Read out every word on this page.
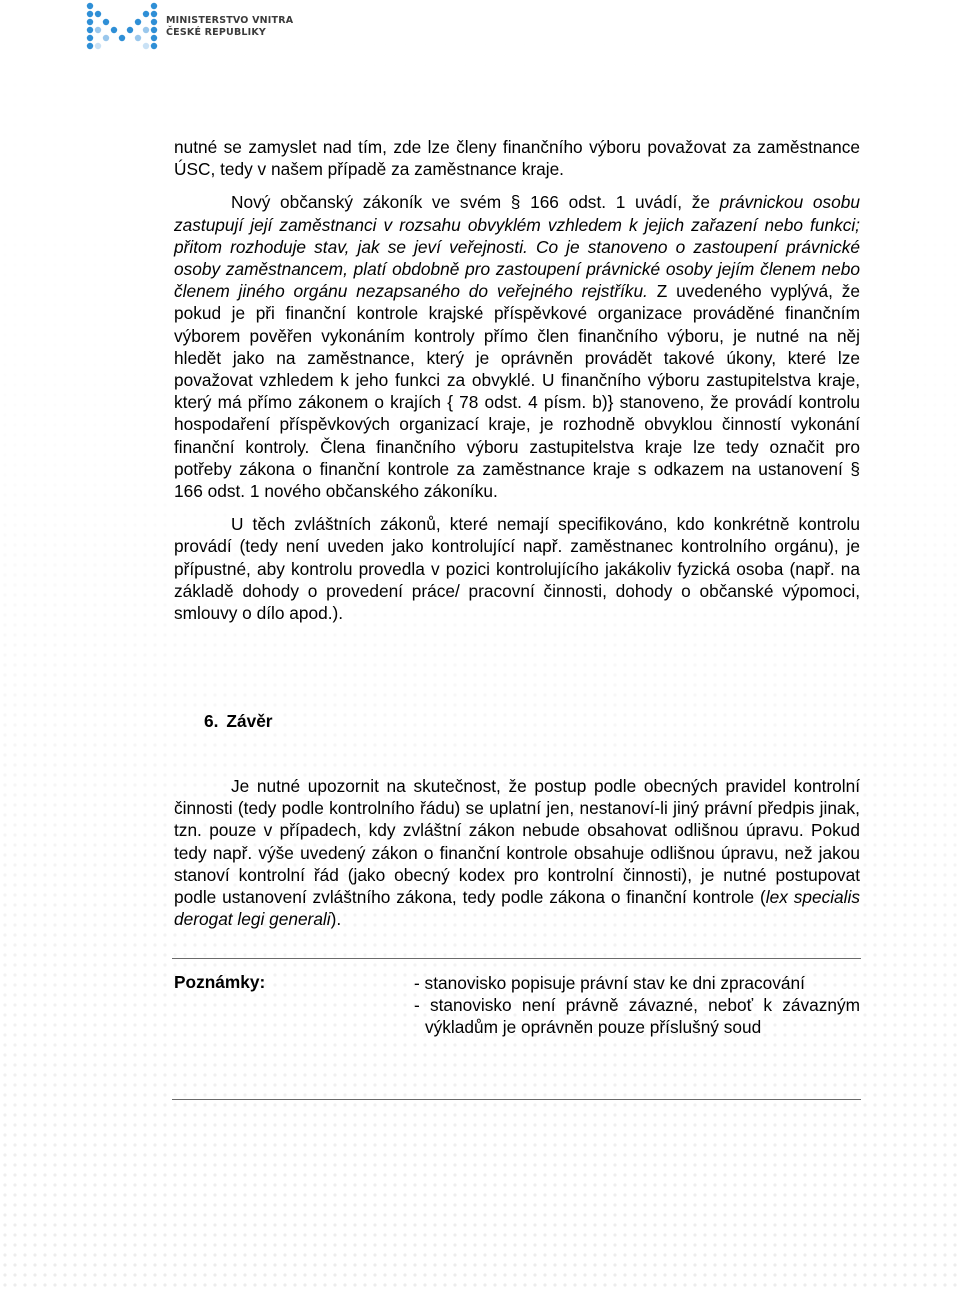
MINISTERSTVO VNITRA
ČESKÉ REPUBLIKY

nutné se zamyslet nad tím, zde lze členy finančního výboru považovat za zaměstnance ÚSC, tedy v našem případě za zaměstnance kraje.

Nový občanský zákoník ve svém § 166 odst. 1 uvádí, že právnickou osobu zastupují její zaměstnanci v rozsahu obvyklém vzhledem k jejich zařazení nebo funkci; přitom rozhoduje stav, jak se jeví veřejnosti. Co je stanoveno o zastoupení právnické osoby zaměstnancem, platí obdobně pro zastoupení právnické osoby jejím členem nebo členem jiného orgánu nezapsaného do veřejného rejstříku. Z uvedeného vyplývá, že pokud je při finanční kontrole krajské příspěvkové organizace prováděné finančním výborem pověřen vykonáním kontroly přímo člen finančního výboru, je nutné na něj hledět jako na zaměstnance, který je oprávněn provádět takové úkony, které lze považovat vzhledem k jeho funkci za obvyklé. U finančního výboru zastupitelstva kraje, který má přímo zákonem o krajích { 78 odst. 4 písm. b)} stanoveno, že provádí kontrolu hospodaření příspěvkových organizací kraje, je rozhodně obvyklou činností vykonání finanční kontroly. Člena finančního výboru zastupitelstva kraje lze tedy označit pro potřeby zákona o finanční kontrole za zaměstnance kraje s odkazem na ustanovení § 166 odst. 1 nového občanského zákoníku.

U těch zvláštních zákonů, které nemají specifikováno, kdo konkrétně kontrolu provádí (tedy není uveden jako kontrolující např. zaměstnanec kontrolního orgánu), je přípustné, aby kontrolu provedla v pozici kontrolujícího jakákoliv fyzická osoba (např. na základě dohody o provedení práce/ pracovní činnosti, dohody o občanské výpomoci, smlouvy o dílo apod.).

6. Závěr

Je nutné upozornit na skutečnost, že postup podle obecných pravidel kontrolní činnosti (tedy podle kontrolního řádu) se uplatní jen, nestanoví-li jiný právní předpis jinak, tzn. pouze v případech, kdy zvláštní zákon nebude obsahovat odlišnou úpravu. Pokud tedy např. výše uvedený zákon o finanční kontrole obsahuje odlišnou úpravu, než jakou stanoví kontrolní řád (jako obecný kodex pro kontrolní činnosti), je nutné postupovat podle ustanovení zvláštního zákona, tedy podle zákona o finanční kontrole (lex specialis derogat legi generali).

Poznámky:	- stanovisko popisuje právní stav ke dni zpracování

- stanovisko není právně závazné, neboť k závazným výkladům je oprávněn pouze příslušný soud
